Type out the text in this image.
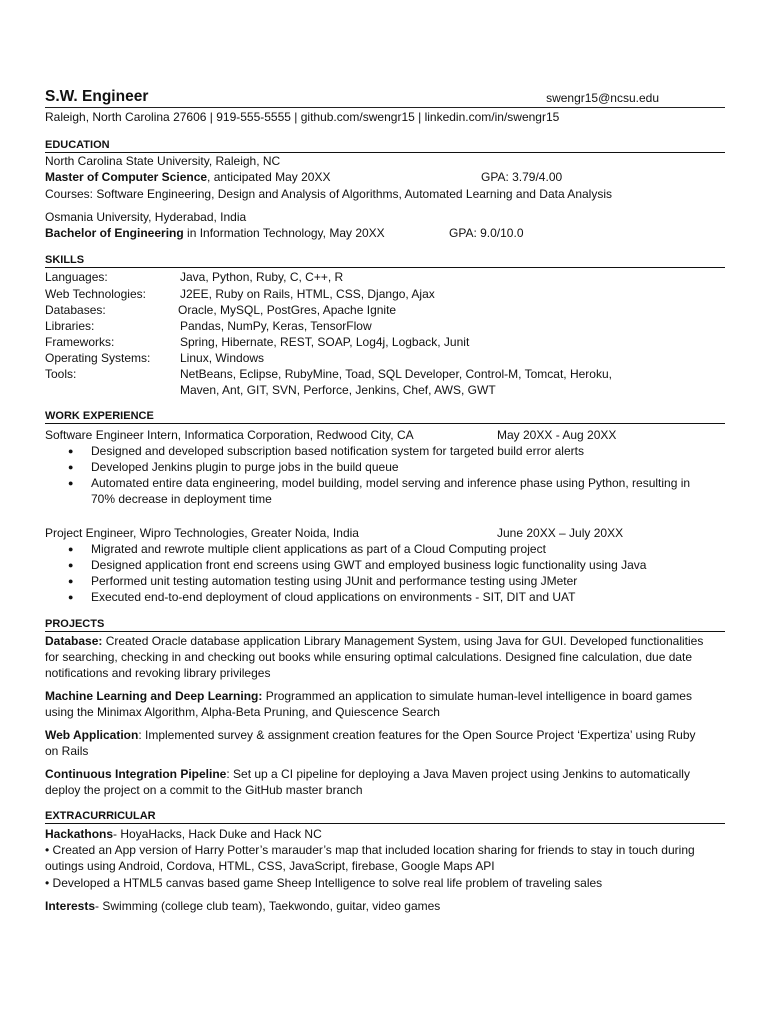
S.W. Engineer	swengr15@ncsu.edu
Raleigh, North Carolina 27606 | 919-555-5555 | github.com/swengr15 | linkedin.com/in/swengr15
EDUCATION
North Carolina State University, Raleigh, NC
Master of Computer Science, anticipated May 20XX	GPA: 3.79/4.00
Courses: Software Engineering, Design and Analysis of Algorithms, Automated Learning and Data Analysis
Osmania University, Hyderabad, India
Bachelor of Engineering in Information Technology, May 20XX	GPA: 9.0/10.0
SKILLS
Languages:	Java, Python, Ruby, C, C++, R
Web Technologies:	J2EE, Ruby on Rails, HTML, CSS, Django, Ajax
Databases:	Oracle, MySQL, PostGres, Apache Ignite
Libraries:	Pandas, NumPy, Keras, TensorFlow
Frameworks:	Spring, Hibernate, REST, SOAP, Log4j, Logback, Junit
Operating Systems: Linux, Windows
Tools:	NetBeans, Eclipse, RubyMine, Toad, SQL Developer, Control-M, Tomcat, Heroku,
Maven, Ant, GIT, SVN, Perforce, Jenkins, Chef, AWS, GWT
WORK EXPERIENCE
Software Engineer Intern, Informatica Corporation, Redwood City, CA	May 20XX - Aug 20XX
● Designed and developed subscription based notification system for targeted build error alerts
● Developed Jenkins plugin to purge jobs in the build queue
● Automated entire data engineering, model building, model serving and inference phase using Python, resulting in 70% decrease in deployment time
Project Engineer, Wipro Technologies, Greater Noida, India	June 20XX – July 20XX
● Migrated and rewrote multiple client applications as part of a Cloud Computing project
● Designed application front end screens using GWT and employed business logic functionality using Java
● Performed unit testing automation testing using JUnit and performance testing using JMeter
● Executed end-to-end deployment of cloud applications on environments - SIT, DIT and UAT
PROJECTS
Database: Created Oracle database application Library Management System, using Java for GUI. Developed functionalities for searching, checking in and checking out books while ensuring optimal calculations. Designed fine calculation, due date notifications and revoking library privileges
Machine Learning and Deep Learning: Programmed an application to simulate human-level intelligence in board games using the Minimax Algorithm, Alpha-Beta Pruning, and Quiescence Search
Web Application: Implemented survey & assignment creation features for the Open Source Project ‘Expertiza’ using Ruby on Rails
Continuous Integration Pipeline: Set up a CI pipeline for deploying a Java Maven project using Jenkins to automatically deploy the project on a commit to the GitHub master branch
EXTRACURRICULAR
Hackathons- HoyaHacks, Hack Duke and Hack NC
• Created an App version of Harry Potter’s marauder’s map that included location sharing for friends to stay in touch during outings using Android, Cordova, HTML, CSS, JavaScript, firebase, Google Maps API
• Developed a HTML5 canvas based game Sheep Intelligence to solve real life problem of traveling sales
Interests- Swimming (college club team), Taekwondo, guitar, video games
